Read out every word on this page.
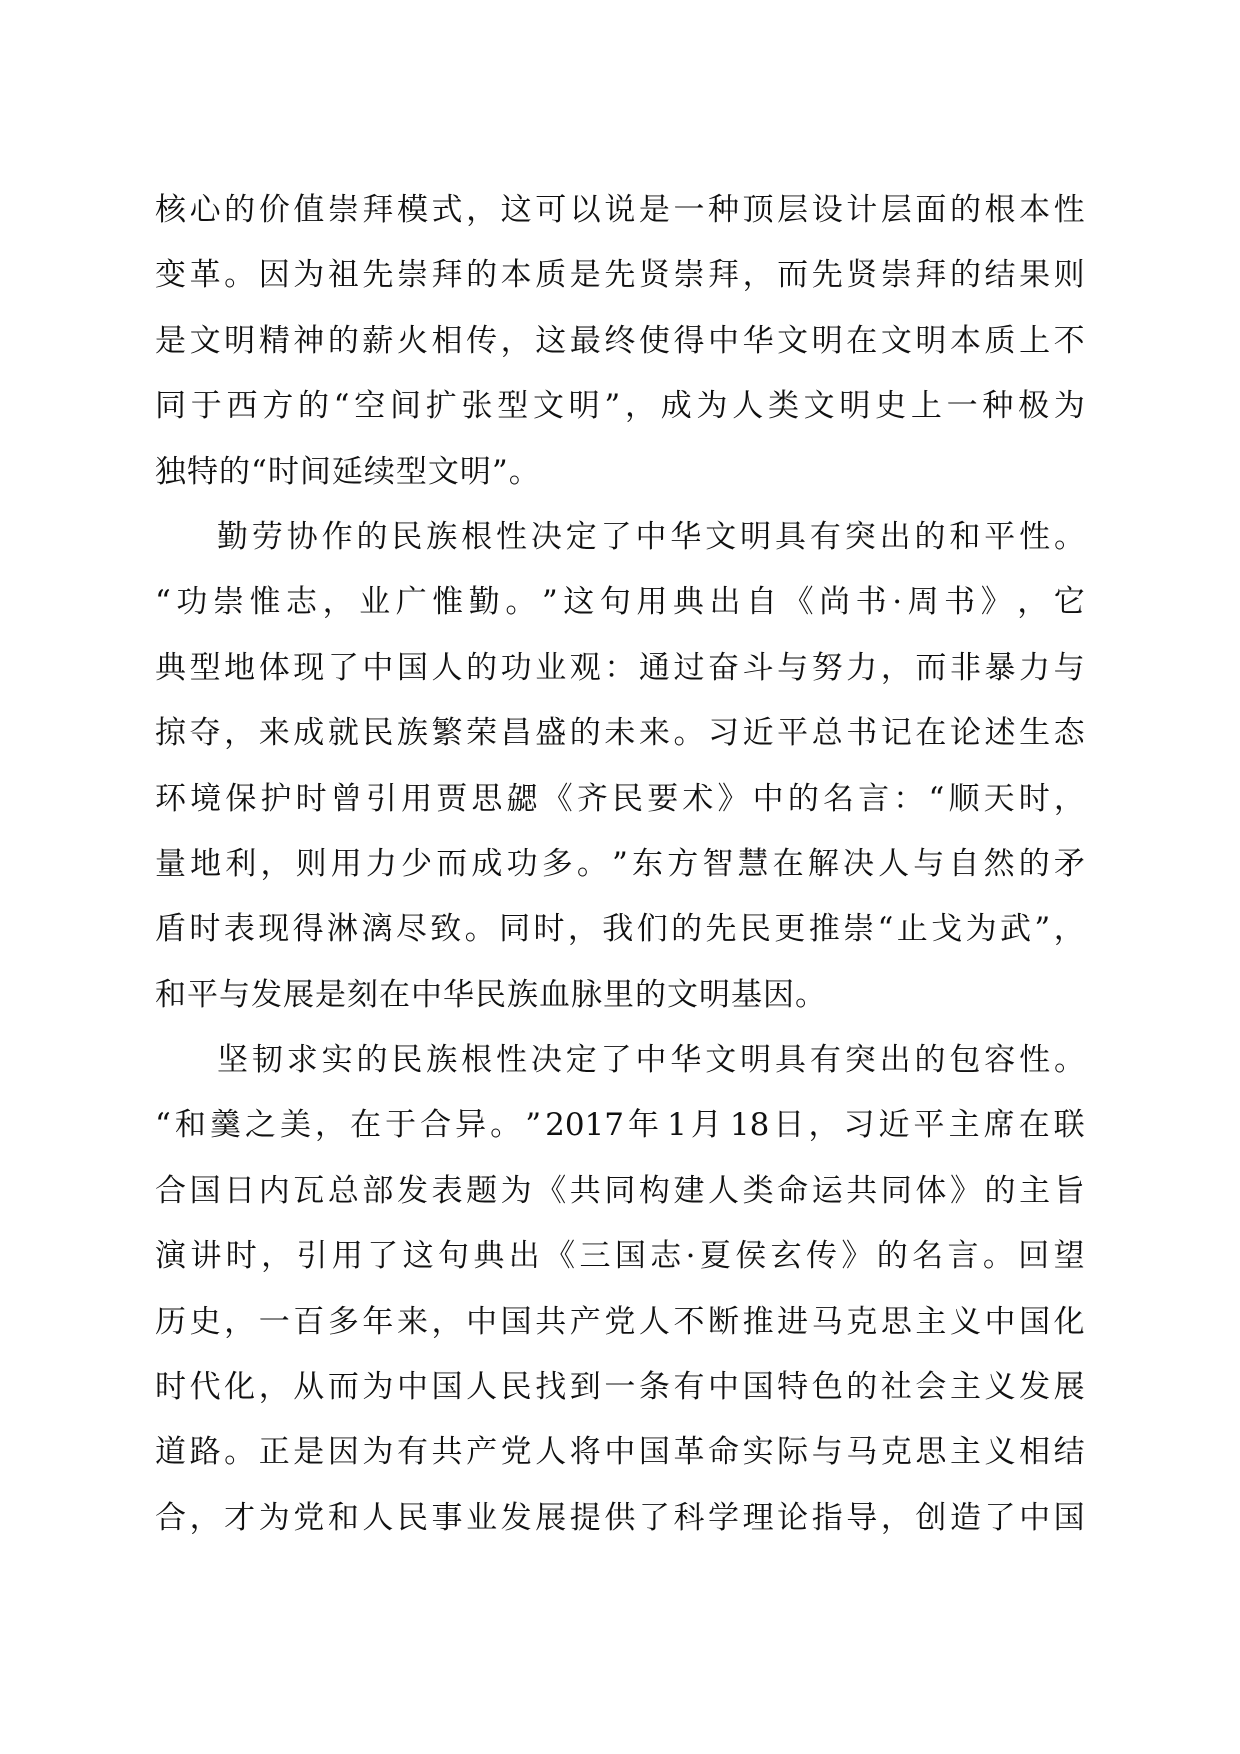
核 心 的 价 值 崇 拜 模 式 ， 这 可 以 说 是 一 种 顶 层 设 计 层 面 的 根 本 性
变 革 。 因 为 祖 先 崇 拜 的 本 质 是 先 贤 崇 拜 ， 而 先 贤 崇 拜 的 结 果 则
是 文 明 精 神 的 薪 火 相 传 ， 这 最 终 使 得 中 华 文 明 在 文 明 本 质 上 不
同 于 西 方 的 “ 空 间 扩 张 型 文 明 ” ， 成 为 人 类 文 明 史 上 一 种 极 为
独特的“时间延续型文明”。
勤 劳 协 作 的 民 族 根 性 决 定 了 中 华 文 明 具 有 突 出 的 和 平 性 。
“ 功 崇 惟 志 ， 业 广 惟 勤 。 ” 这 句 用 典 出 自 《 尚 书 · 周 书 》 ， 它
典 型 地 体 现 了 中 国 人 的 功 业 观 ： 通 过 奋 斗 与 努 力 ， 而 非 暴 力 与
掠 夺 ， 来 成 就 民 族 繁 荣 昌 盛 的 未 来 。 习 近 平 总 书 记 在 论 述 生 态
环 境 保 护 时 曾 引 用 贾 思 勰 《 齐 民 要 术 》 中 的 名 言 ： “ 顺 天 时 ，
量 地 利 ， 则 用 力 少 而 成 功 多 。 ” 东 方 智 慧 在 解 决 人 与 自 然 的 矛
盾 时 表 现 得 淋 漓 尽 致 。 同 时 ， 我 们 的 先 民 更 推 崇 “ 止 戈 为 武 ” ，
和平与发展是刻在中华民族血脉里的文明基因。
坚 韧 求 实 的 民 族 根 性 决 定 了 中 华 文 明 具 有 突 出 的 包 容 性 。
“ 和 羹 之 美 ， 在 于 合 异 。 ” 2017 年 1 月 18 日 ， 习 近 平 主 席 在 联
合 国 日 内 瓦 总 部 发 表 题 为 《 共 同 构 建 人 类 命 运 共 同 体 》 的 主 旨
演 讲 时 ， 引 用 了 这 句 典 出 《 三 国 志 · 夏 侯 玄 传 》 的 名 言 。 回 望
历 史 ， 一 百 多 年 来 ， 中 国 共 产 党 人 不 断 推 进 马 克 思 主 义 中 国 化
时 代 化 ， 从 而 为 中 国 人 民 找 到 一 条 有 中 国 特 色 的 社 会 主 义 发 展
道 路 。 正 是 因 为 有 共 产 党 人 将 中 国 革 命 实 际 与 马 克 思 主 义 相 结
合 ， 才 为 党 和 人 民 事 业 发 展 提 供 了 科 学 理 论 指 导 ， 创 造 了 中 国
